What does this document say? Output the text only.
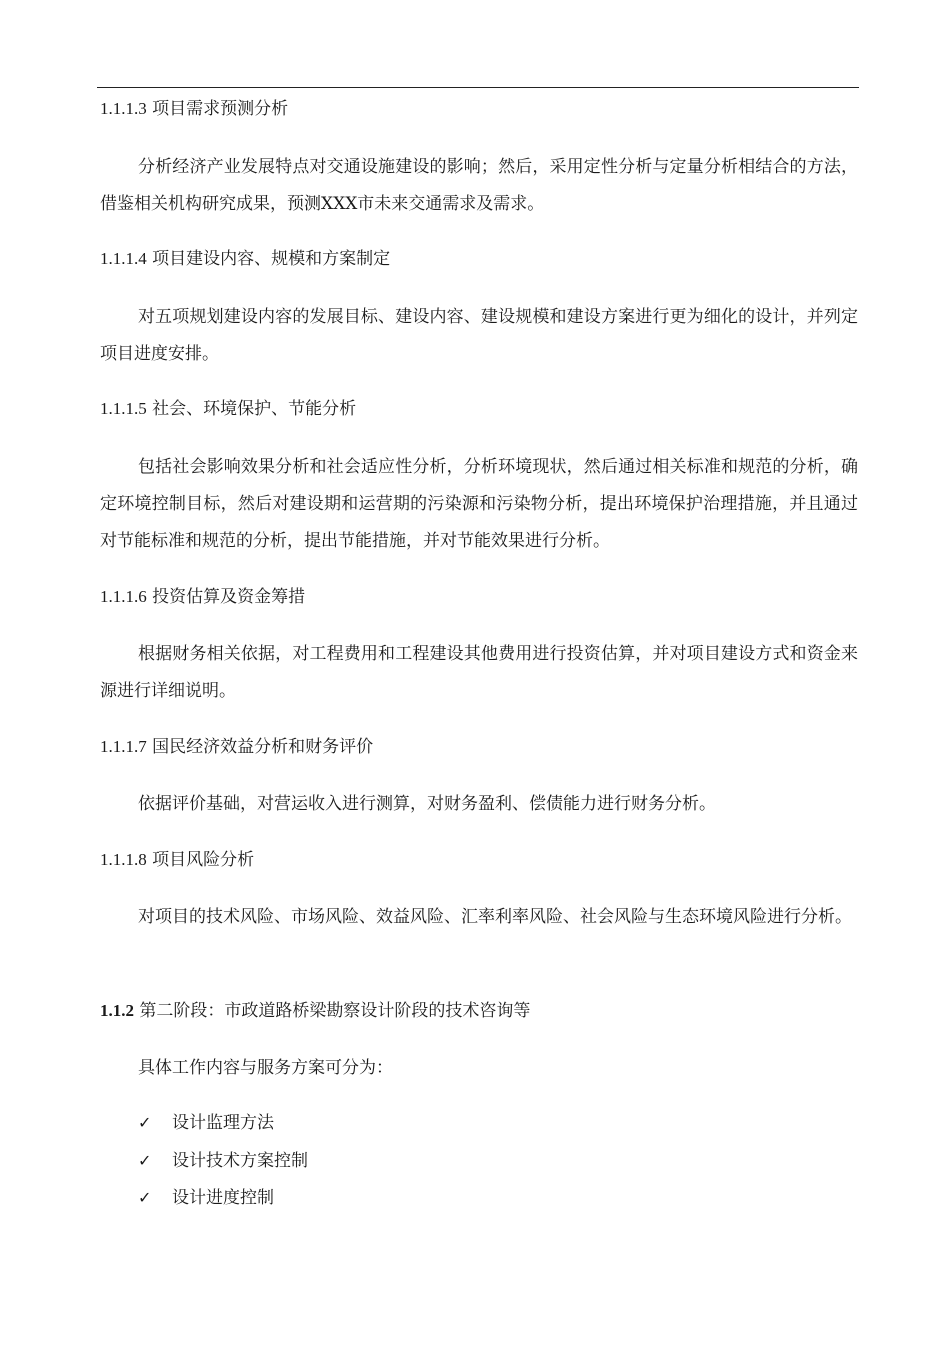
1.1.1.3 项目需求预测分析

分析经济产业发展特点对交通设施建设的影响；然后，采用定性分析与定量分析相结合的方法，借鉴相关机构研究成果，预测XXX市未来交通需求及需求。

1.1.1.4 项目建设内容、规模和方案制定

对五项规划建设内容的发展目标、建设内容、建设规模和建设方案进行更为细化的设计，并列定项目进度安排。

1.1.1.5 社会、环境保护、节能分析

包括社会影响效果分析和社会适应性分析，分析环境现状，然后通过相关标准和规范的分析，确定环境控制目标，然后对建设期和运营期的污染源和污染物分析，提出环境保护治理措施，并且通过对节能标准和规范的分析，提出节能措施，并对节能效果进行分析。

1.1.1.6 投资估算及资金筹措

根据财务相关依据，对工程费用和工程建设其他费用进行投资估算，并对项目建设方式和资金来源进行详细说明。

1.1.1.7 国民经济效益分析和财务评价

依据评价基础，对营运收入进行测算，对财务盈利、偿债能力进行财务分析。

1.1.1.8 项目风险分析

对项目的技术风险、市场风险、效益风险、汇率利率风险、社会风险与生态环境风险进行分析。

1.1.2 第二阶段：市政道路桥梁勘察设计阶段的技术咨询等

具体工作内容与服务方案可分为：

✓ 设计监理方法
✓ 设计技术方案控制
✓ 设计进度控制
